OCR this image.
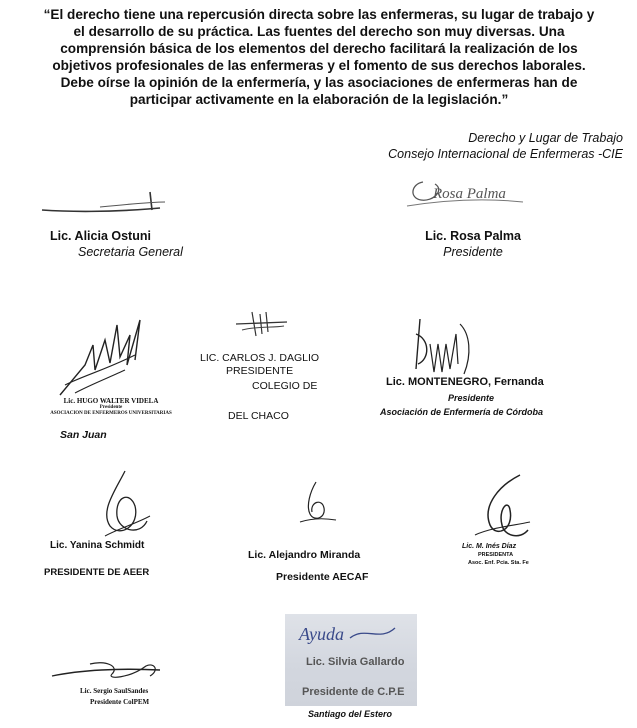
“El derecho tiene una repercusión directa sobre las enfermeras, su lugar de trabajo y
el desarrollo de su práctica. Las fuentes del derecho son muy diversas. Una
comprensión básica de los elementos del derecho facilitará la realización de los
objetivos profesionales de las enfermeras y el fomento de sus derechos laborales.
Debe oírse la opinión de la enfermería, y las asociaciones de enfermeras han de
participar activamente en la elaboración de la legislación.”
Derecho y Lugar de Trabajo
Consejo Internacional de Enfermeras -CIE
Lic. Alicia Ostuni
Secretaria General
Rosa Palma
Lic. Rosa Palma
Presidente
Lic. HUGO WALTER VIDELA
Presidente
ASOCIACION DE ENFERMEROS UNIVERSITARIAS
San Juan
LIC. CARLOS J. DAGLIO
PRESIDENTE
COLEGIO DE
DEL CHACO
Lic. MONTENEGRO, Fernanda
Presidente
Asociación de Enfermería de Córdoba
Lic. Yanina Schmidt
PRESIDENTE DE AEER
Lic. Alejandro Miranda
Presidente AECAF
Lic. M. Inés Díaz
PRESIDENTA
Asoc. Enf. Pcia. Sta. Fe
Lic. Sergio SaulSandes
Presidente ColPEM
Ayuda
Lic. Silvia Gallardo
Presidente de C.P.E
Santiago del Estero
